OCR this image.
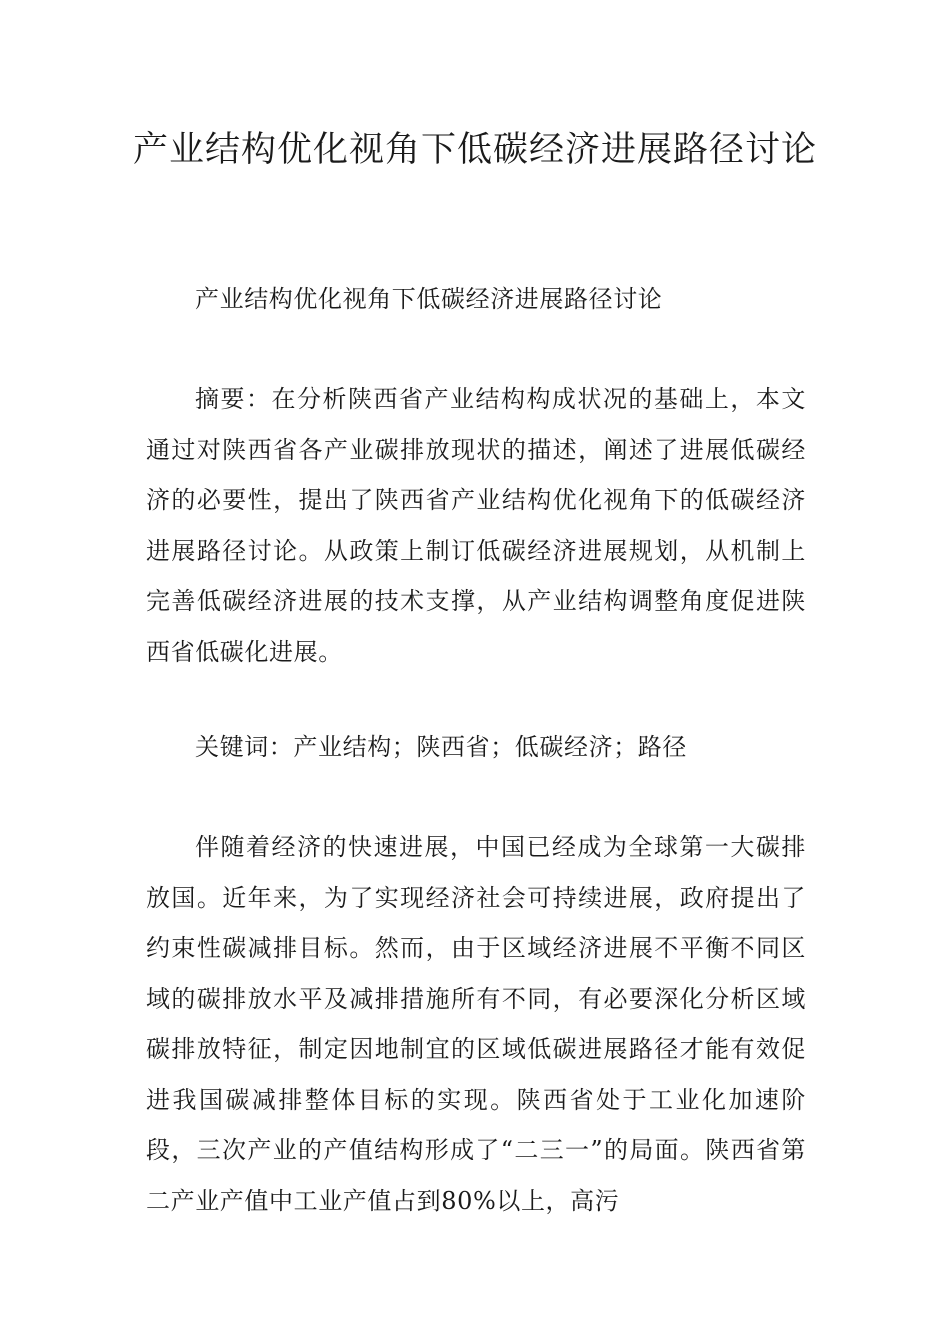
产业结构优化视角下低碳经济进展路径讨论

产业结构优化视角下低碳经济进展路径讨论

摘要：在分析陕西省产业结构构成状况的基础上，本文通过对陕西省各产业碳排放现状的描述，阐述了进展低碳经济的必要性，提出了陕西省产业结构优化视角下的低碳经济进展路径讨论。从政策上制订低碳经济进展规划，从机制上完善低碳经济进展的技术支撑，从产业结构调整角度促进陕西省低碳化进展。

关键词：产业结构；陕西省；低碳经济；路径

伴随着经济的快速进展，中国已经成为全球第一大碳排放国。近年来，为了实现经济社会可持续进展，政府提出了约束性碳减排目标。然而，由于区域经济进展不平衡不同区域的碳排放水平及减排措施所有不同，有必要深化分析区域碳排放特征，制定因地制宜的区域低碳进展路径才能有效促进我国碳减排整体目标的实现。陕西省处于工业化加速阶段，三次产业的产值结构形成了“二三一”的局面。陕西省第二产业产值中工业产值占到80%以上，高污
